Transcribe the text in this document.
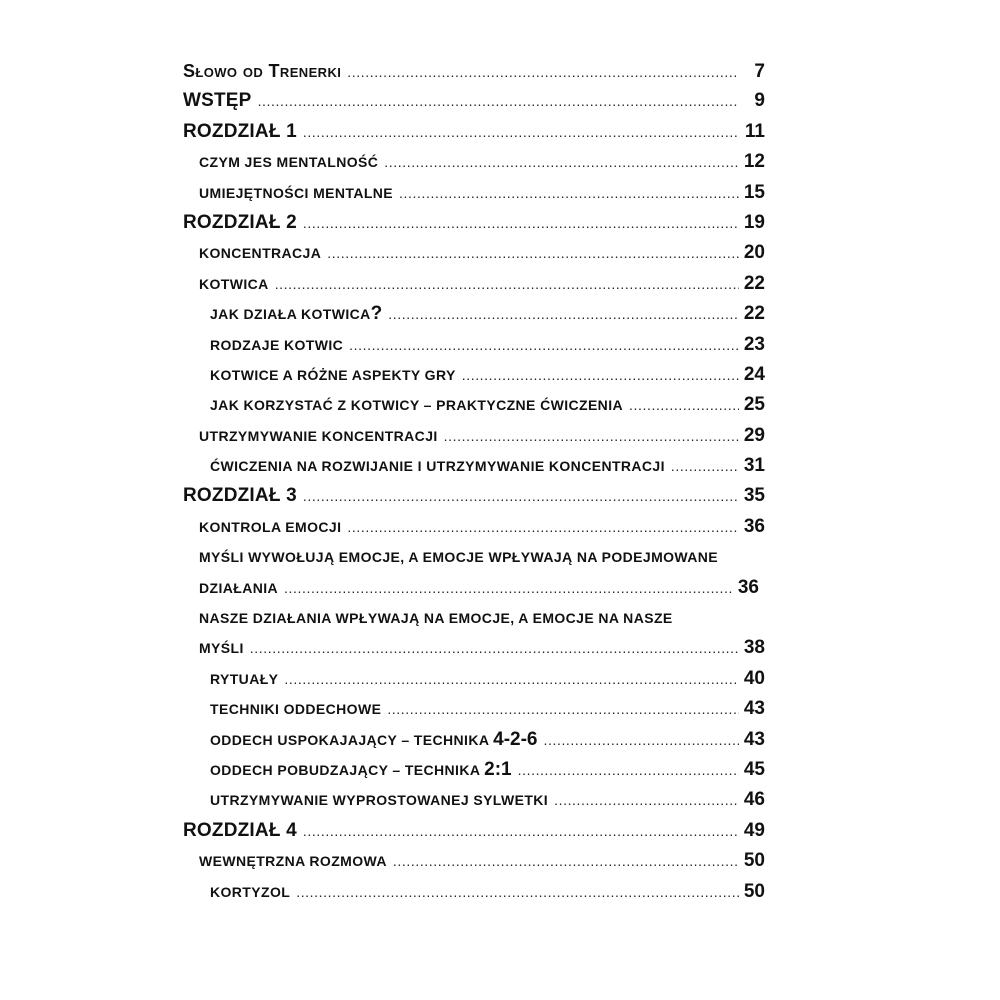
Słowo od Trenerki .....	7
WSTĘP .....	9
ROZDZIAŁ 1 .....	11
CZYM JES MENTALNOŚĆ .....	12
UMIEJĘTNOŚCI MENTALNE .....	15
ROZDZIAŁ 2 .....	19
KONCENTRACJA .....	20
KOTWICA .....	22
JAK DZIAŁA KOTWICA? .....	22
RODZAJE KOTWIC .....	23
KOTWICE A RÓŻNE ASPEKTY GRY .....	24
JAK KORZYSTAĆ Z KOTWICY – PRAKTYCZNE ĆWICZENIA .....	25
UTRZYMYWANIE KONCENTRACJI .....	29
ĆWICZENIA NA ROZWIJANIE I UTRZYMYWANIE KONCENTRACJI .....	31
ROZDZIAŁ 3 .....	35
KONTROLA EMOCJI .....	36
MYŚLI WYWOŁUJĄ EMOCJE, A EMOCJE WPŁYWAJĄ NA PODEJMOWANE
DZIAŁANIA .....	36
NASZE DZIAŁANIA WPŁYWAJĄ NA EMOCJE, A EMOCJE NA NASZE
MYŚLI .....	38
RYTUAŁY .....	40
TECHNIKI ODDECHOWE .....	43
ODDECH USPOKAJAJĄCY – TECHNIKA 4-2-6 .....	43
ODDECH POBUDZAJĄCY – TECHNIKA 2:1 .....	45
UTRZYMYWANIE WYPROSTOWANEJ SYLWETKI .....	46
ROZDZIAŁ 4 .....	49
WEWNĘTRZNA ROZMOWA .....	50
KORTYZOL .....	50
